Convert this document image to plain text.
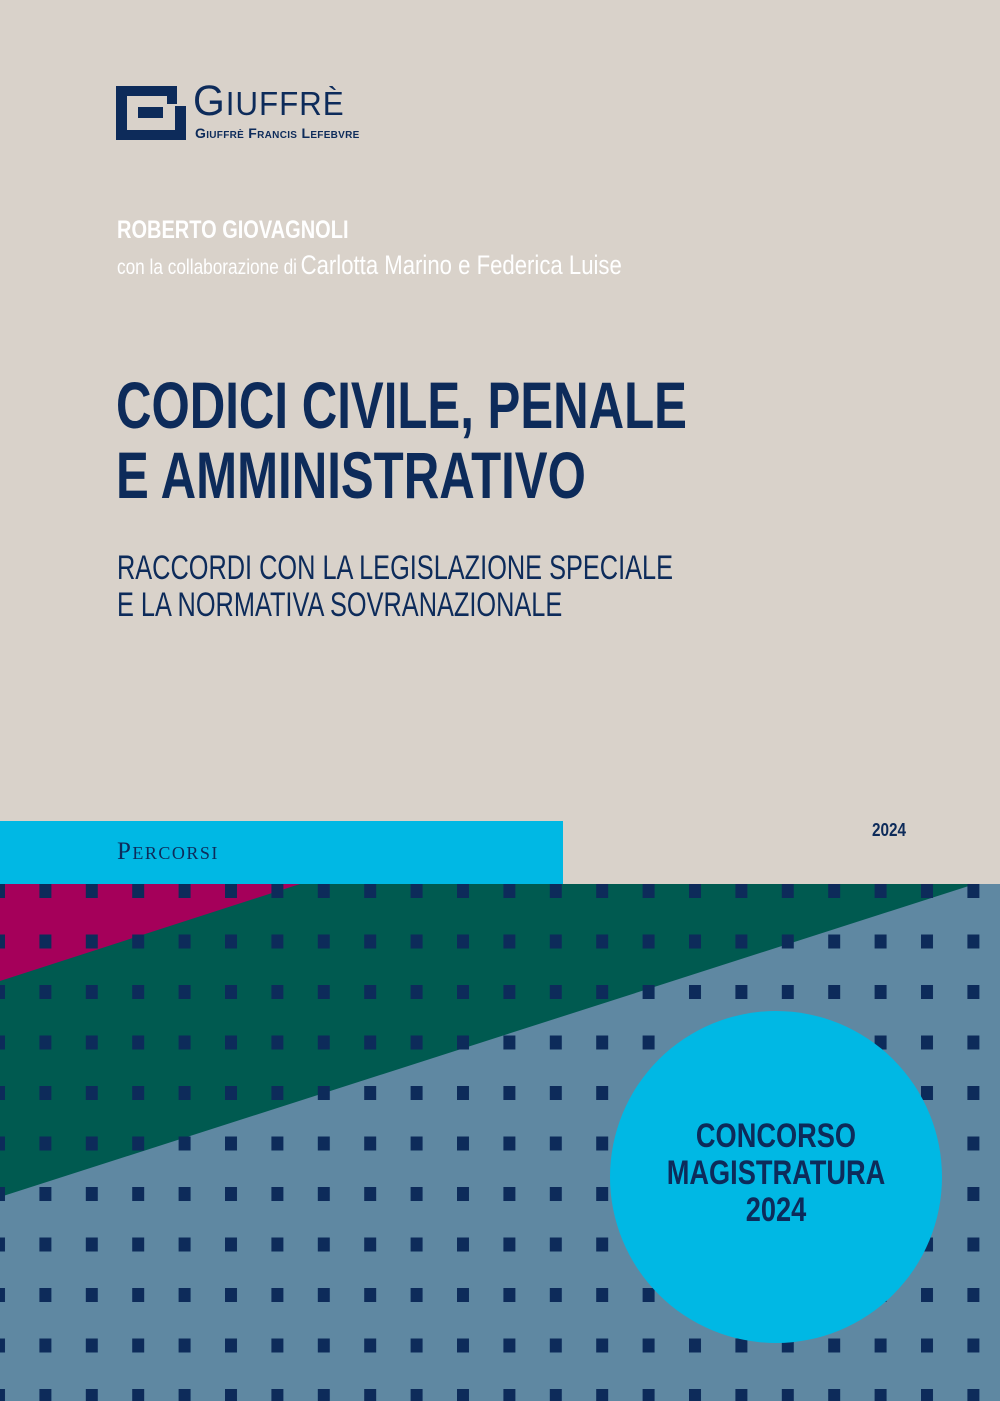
GIUFFRÈ
Giuffrè Francis Lefebvre
ROBERTO GIOVAGNOLI
con la collaborazione di Carlotta Marino e Federica Luise
CODICI CIVILE, PENALE
E AMMINISTRATIVO
RACCORDI CON LA LEGISLAZIONE SPECIALE
E LA NORMATIVA SOVRANAZIONALE
Percorsi
2024
CONCORSO
MAGISTRATURA
2024
